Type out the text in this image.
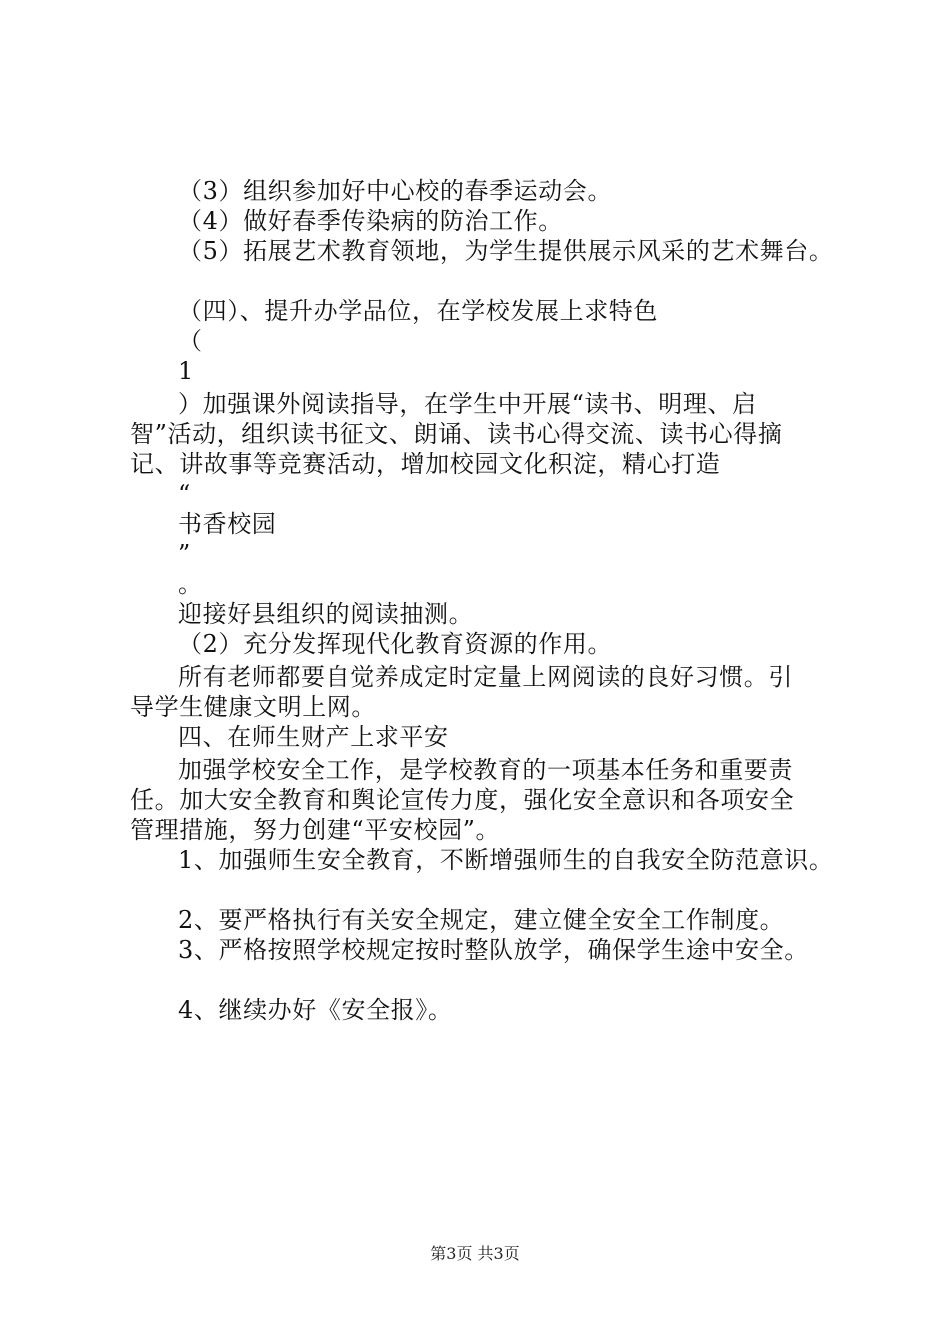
（3）组织参加好中心校的春季运动会。
（4）做好春季传染病的防治工作。
（5）拓展艺术教育领地，为学生提供展示风采的艺术舞台。
（四）、提升办学品位，在学校发展上求特色
（
1
）加强课外阅读指导，在学生中开展“读书、明理、启
智”活动，组织读书征文、朗诵、读书心得交流、读书心得摘
记、讲故事等竞赛活动，增加校园文化积淀，精心打造
“
书香校园
”
。
迎接好县组织的阅读抽测。
（2）充分发挥现代化教育资源的作用。
所有老师都要自觉养成定时定量上网阅读的良好习惯。引
导学生健康文明上网。
四、在师生财产上求平安
加强学校安全工作，是学校教育的一项基本任务和重要责
任。加大安全教育和舆论宣传力度，强化安全意识和各项安全
管理措施，努力创建“平安校园”。
1、加强师生安全教育，不断增强师生的自我安全防范意识。
2、要严格执行有关安全规定，建立健全安全工作制度。
3、严格按照学校规定按时整队放学，确保学生途中安全。
4、继续办好《安全报》。
第3页 共3页
